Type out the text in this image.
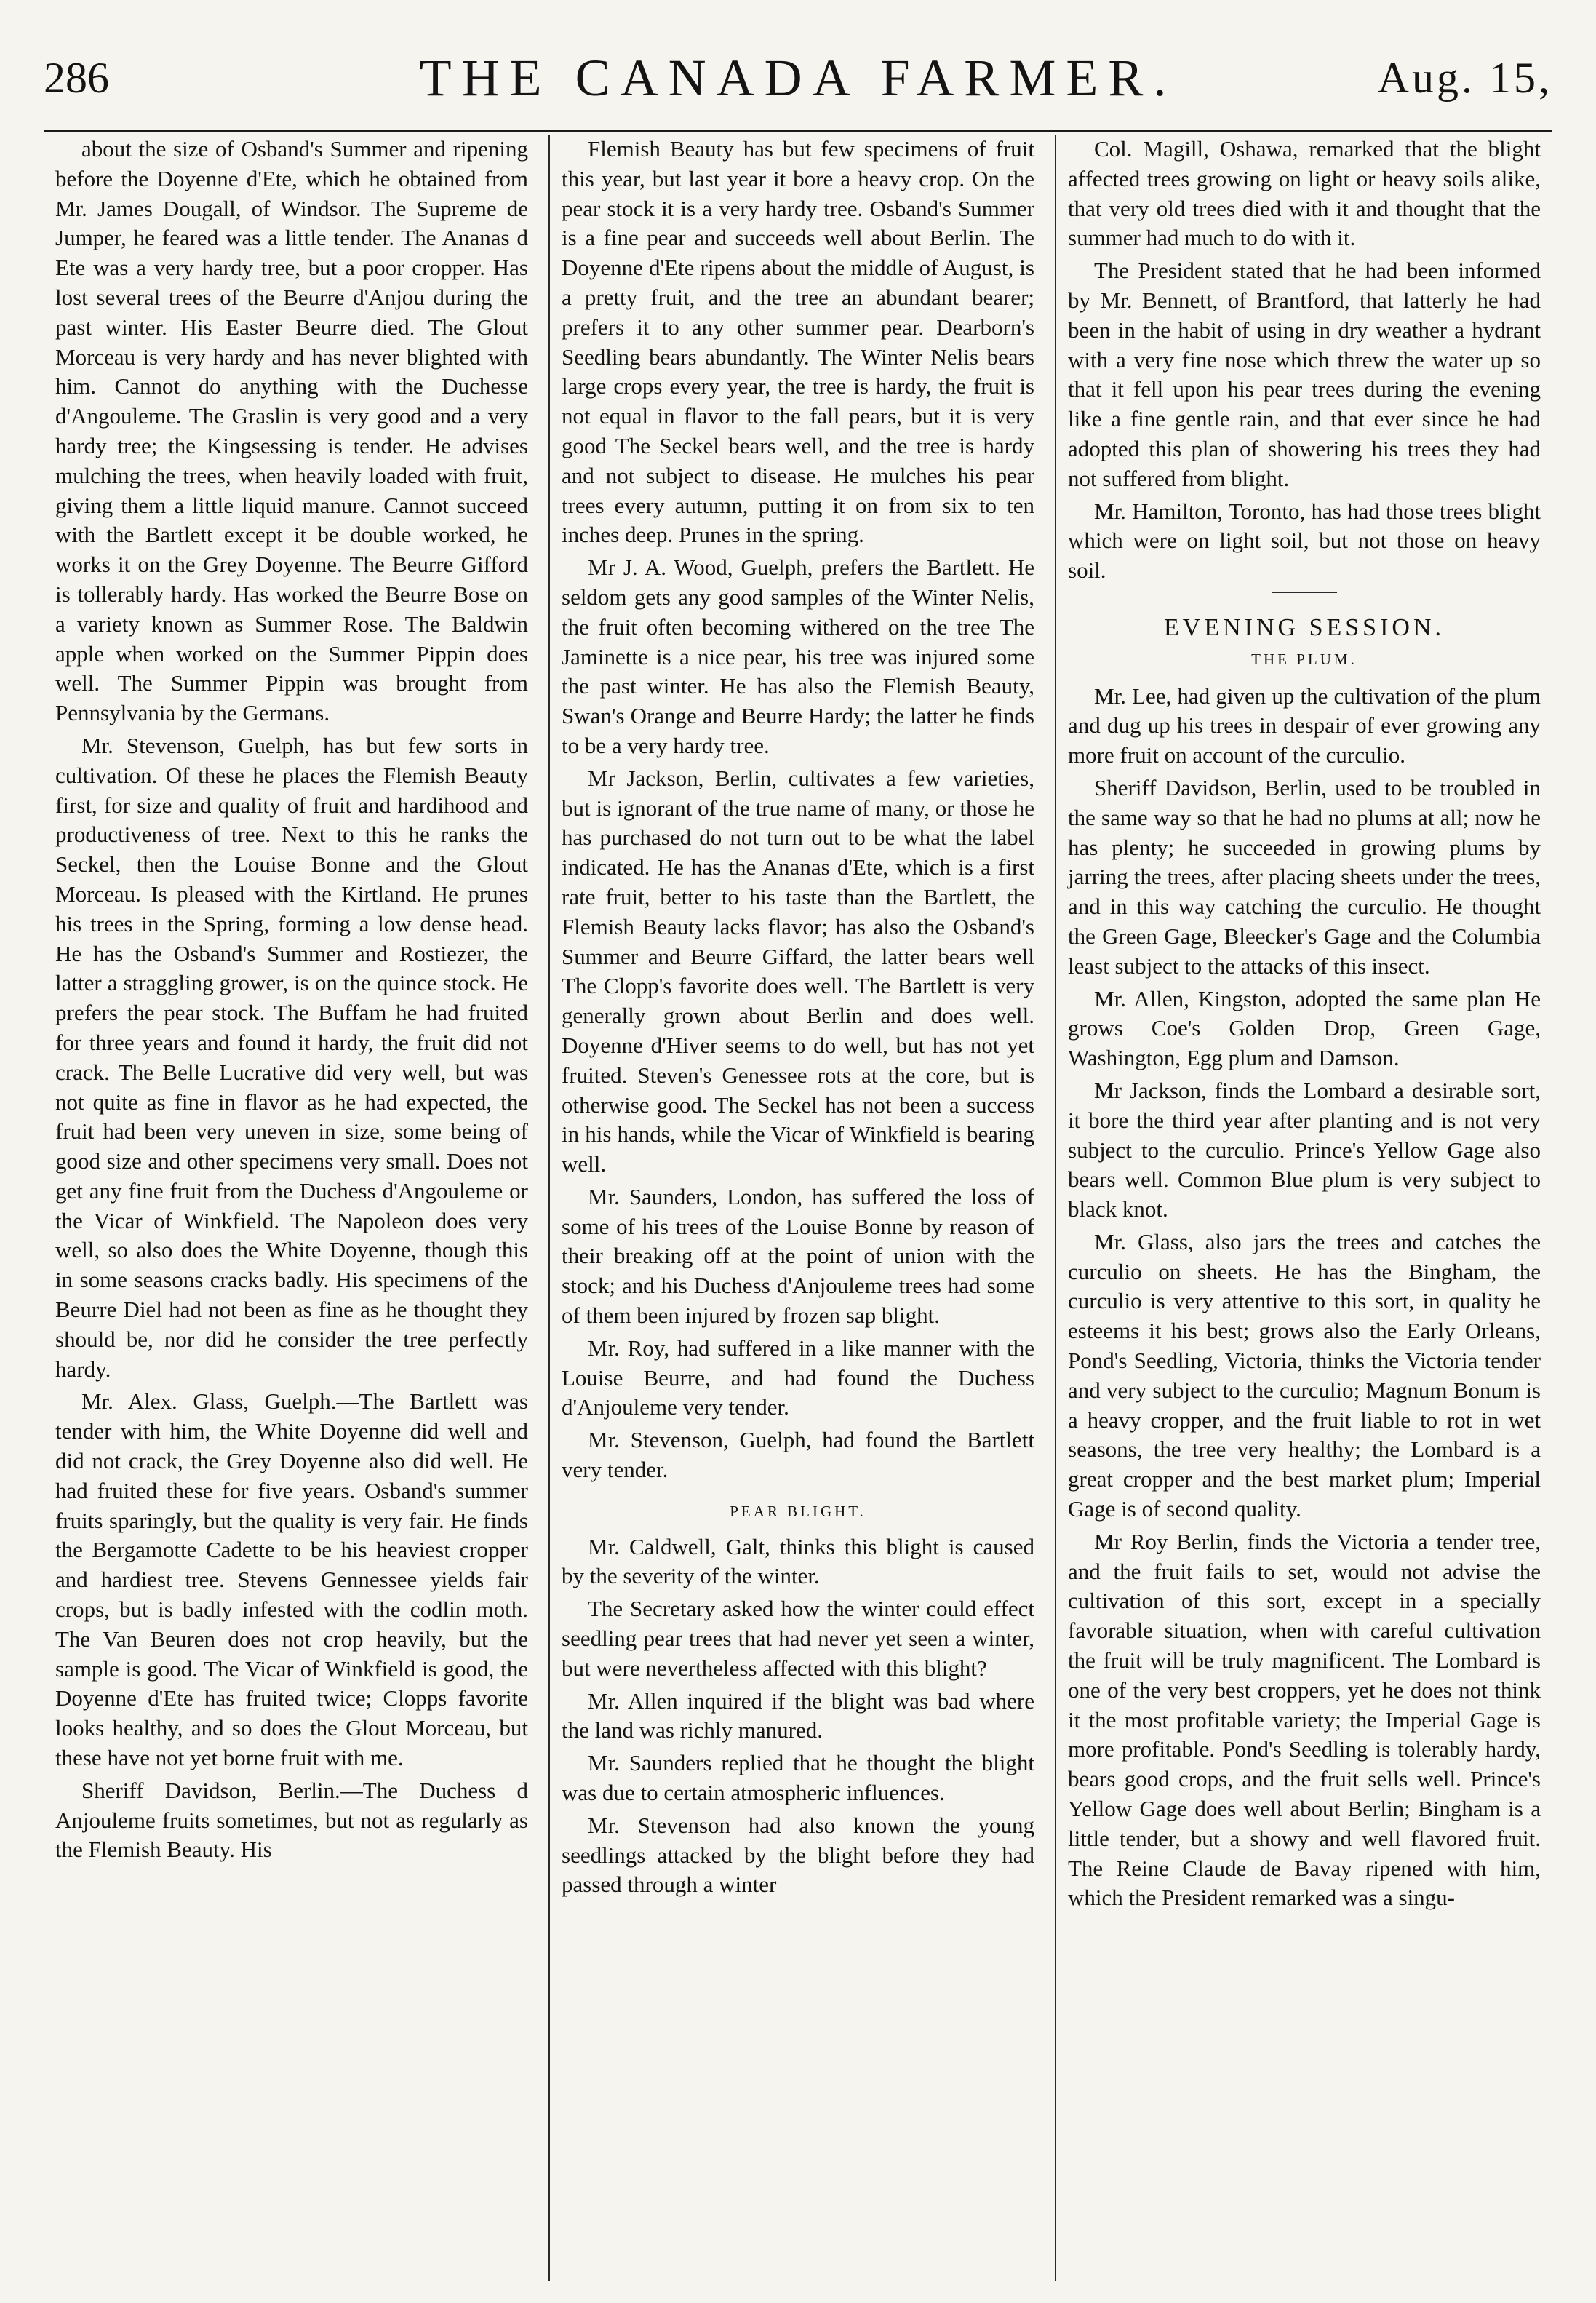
286	THE CANADA FARMER.	Aug. 15,

about the size of Osband's Summer and ripening before the Doyenne d'Ete, which he obtained from Mr. James Dougall, of Windsor. The Supreme de Jumper, he feared was a little tender. The Ananas d Ete was a very hardy tree, but a poor cropper. Has lost several trees of the Beurre d'Anjou during the past winter. His Easter Beurre died. The Glout Morceau is very hardy and has never blighted with him. Cannot do anything with the Duchesse d'Angouleme. The Graslin is very good and a very hardy tree; the Kingsessing is tender. He advises mulching the trees, when heavily loaded with fruit, giving them a little liquid manure. Cannot succeed with the Bartlett except it be double worked, he works it on the Grey Doyenne. The Beurre Gifford is tollerably hardy. Has worked the Beurre Bose on a variety known as Summer Rose. The Baldwin apple when worked on the Summer Pippin does well. The Summer Pippin was brought from Pennsylvania by the Germans.

Mr. Stevenson, Guelph, has but few sorts in cultivation. Of these he places the Flemish Beauty first, for size and quality of fruit and hardihood and productiveness of tree. Next to this he ranks the Seckel, then the Louise Bonne and the Glout Morceau. Is pleased with the Kirtland. He prunes his trees in the Spring, forming a low dense head. He has the Osband's Summer and Rostiezer, the latter a straggling grower, is on the quince stock. He prefers the pear stock. The Buffam he had fruited for three years and found it hardy, the fruit did not crack. The Belle Lucrative did very well, but was not quite as fine in flavor as he had expected, the fruit had been very uneven in size, some being of good size and other specimens very small. Does not get any fine fruit from the Duchess d'Angouleme or the Vicar of Winkfield. The Napoleon does very well, so also does the White Doyenne, though this in some seasons cracks badly. His specimens of the Beurre Diel had not been as fine as he thought they should be, nor did he consider the tree perfectly hardy.

Mr. Alex. Glass, Guelph.—The Bartlett was tender with him, the White Doyenne did well and did not crack, the Grey Doyenne also did well. He had fruited these for five years. Osband's summer fruits sparingly, but the quality is very fair. He finds the Bergamotte Cadette to be his heaviest cropper and hardiest tree. Stevens Gennessee yields fair crops, but is badly infested with the codlin moth. The Van Beuren does not crop heavily, but the sample is good. The Vicar of Winkfield is good, the Doyenne d'Ete has fruited twice; Clopps favorite looks healthy, and so does the Glout Morceau, but these have not yet borne fruit with me.

Sheriff Davidson, Berlin.—The Duchess d Anjouleme fruits sometimes, but not as regularly as the Flemish Beauty. His

Flemish Beauty has but few specimens of fruit this year, but last year it bore a heavy crop. On the pear stock it is a very hardy tree. Osband's Summer is a fine pear and succeeds well about Berlin. The Doyenne d'Ete ripens about the middle of August, is a pretty fruit, and the tree an abundant bearer; prefers it to any other summer pear. Dearborn's Seedling bears abundantly. The Winter Nelis bears large crops every year, the tree is hardy, the fruit is not equal in flavor to the fall pears, but it is very good The Seckel bears well, and the tree is hardy and not subject to disease. He mulches his pear trees every autumn, putting it on from six to ten inches deep. Prunes in the spring.

Mr J. A. Wood, Guelph, prefers the Bartlett. He seldom gets any good samples of the Winter Nelis, the fruit often becoming withered on the tree The Jaminette is a nice pear, his tree was injured some the past winter. He has also the Flemish Beauty, Swan's Orange and Beurre Hardy; the latter he finds to be a very hardy tree.

Mr Jackson, Berlin, cultivates a few varieties, but is ignorant of the true name of many, or those he has purchased do not turn out to be what the label indicated. He has the Ananas d'Ete, which is a first rate fruit, better to his taste than the Bartlett, the Flemish Beauty lacks flavor; has also the Osband's Summer and Beurre Giffard, the latter bears well The Clopp's favorite does well. The Bartlett is very generally grown about Berlin and does well. Doyenne d'Hiver seems to do well, but has not yet fruited. Steven's Genessee rots at the core, but is otherwise good. The Seckel has not been a success in his hands, while the Vicar of Winkfield is bearing well.

Mr. Saunders, London, has suffered the loss of some of his trees of the Louise Bonne by reason of their breaking off at the point of union with the stock; and his Duchess d'Anjouleme trees had some of them been injured by frozen sap blight.

Mr. Roy, had suffered in a like manner with the Louise Beurre, and had found the Duchess d'Anjouleme very tender.

Mr. Stevenson, Guelph, had found the Bartlett very tender.

PEAR BLIGHT.

Mr. Caldwell, Galt, thinks this blight is caused by the severity of the winter.

The Secretary asked how the winter could effect seedling pear trees that had never yet seen a winter, but were nevertheless affected with this blight?

Mr. Allen inquired if the blight was bad where the land was richly manured.

Mr. Saunders replied that he thought the blight was due to certain atmospheric influences.

Mr. Stevenson had also known the young seedlings attacked by the blight before they had passed through a winter

Col. Magill, Oshawa, remarked that the blight affected trees growing on light or heavy soils alike, that very old trees died with it and thought that the summer had much to do with it.

The President stated that he had been informed by Mr. Bennett, of Brantford, that latterly he had been in the habit of using in dry weather a hydrant with a very fine nose which threw the water up so that it fell upon his pear trees during the evening like a fine gentle rain, and that ever since he had adopted this plan of showering his trees they had not suffered from blight.

Mr. Hamilton, Toronto, has had those trees blight which were on light soil, but not those on heavy soil.

EVENING SESSION.
THE PLUM.

Mr. Lee, had given up the cultivation of the plum and dug up his trees in despair of ever growing any more fruit on account of the curculio.

Sheriff Davidson, Berlin, used to be troubled in the same way so that he had no plums at all; now he has plenty; he succeeded in growing plums by jarring the trees, after placing sheets under the trees, and in this way catching the curculio. He thought the Green Gage, Bleecker's Gage and the Columbia least subject to the attacks of this insect.

Mr. Allen, Kingston, adopted the same plan He grows Coe's Golden Drop, Green Gage, Washington, Egg plum and Damson.

Mr Jackson, finds the Lombard a desirable sort, it bore the third year after planting and is not very subject to the curculio. Prince's Yellow Gage also bears well. Common Blue plum is very subject to black knot.

Mr. Glass, also jars the trees and catches the curculio on sheets. He has the Bingham, the curculio is very attentive to this sort, in quality he esteems it his best; grows also the Early Orleans, Pond's Seedling, Victoria, thinks the Victoria tender and very subject to the curculio; Magnum Bonum is a heavy cropper, and the fruit liable to rot in wet seasons, the tree very healthy; the Lombard is a great cropper and the best market plum; Imperial Gage is of second quality.

Mr Roy Berlin, finds the Victoria a tender tree, and the fruit fails to set, would not advise the cultivation of this sort, except in a specially favorable situation, when with careful cultivation the fruit will be truly magnificent. The Lombard is one of the very best croppers, yet he does not think it the most profitable variety; the Imperial Gage is more profitable. Pond's Seedling is tolerably hardy, bears good crops, and the fruit sells well. Prince's Yellow Gage does well about Berlin; Bingham is a little tender, but a showy and well flavored fruit. The Reine Claude de Bavay ripened with him, which the President remarked was a singu-
